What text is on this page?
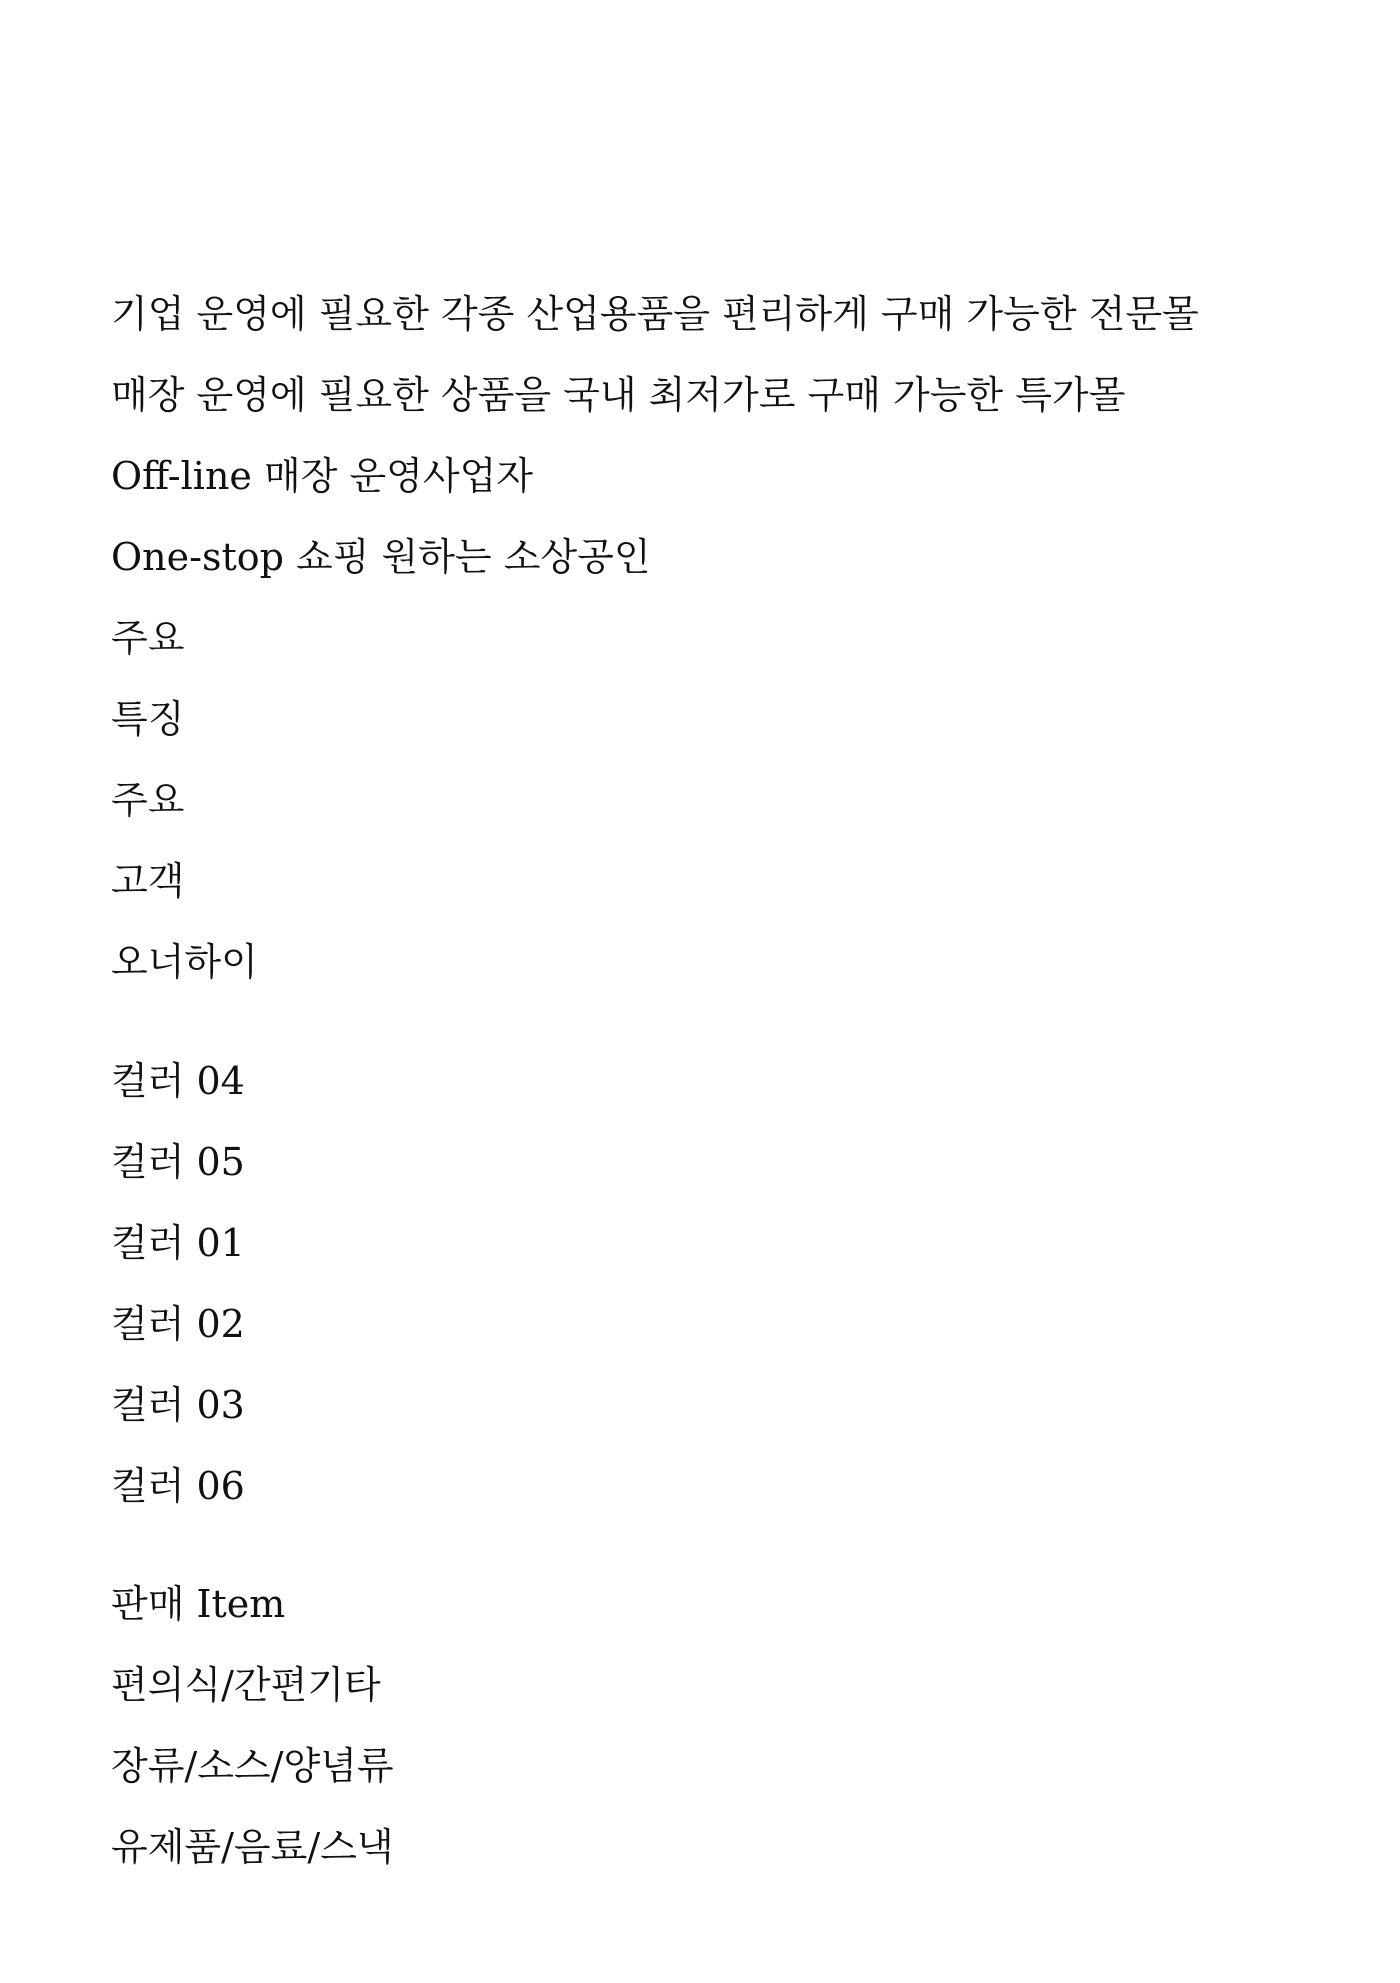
기업 운영에 필요한 각종 산업용품을 편리하게 구매 가능한 전문몰
매장 운영에 필요한 상품을 국내 최저가로 구매 가능한 특가몰
Off-line 매장 운영사업자
One-stop 쇼핑 원하는 소상공인
주요
특징
주요
고객
오너하이
컬러 04
컬러 05
컬러 01
컬러 02
컬러 03
컬러 06
판매 Item
편의식/간편기타
장류/소스/양념류
유제품/음료/스낵
